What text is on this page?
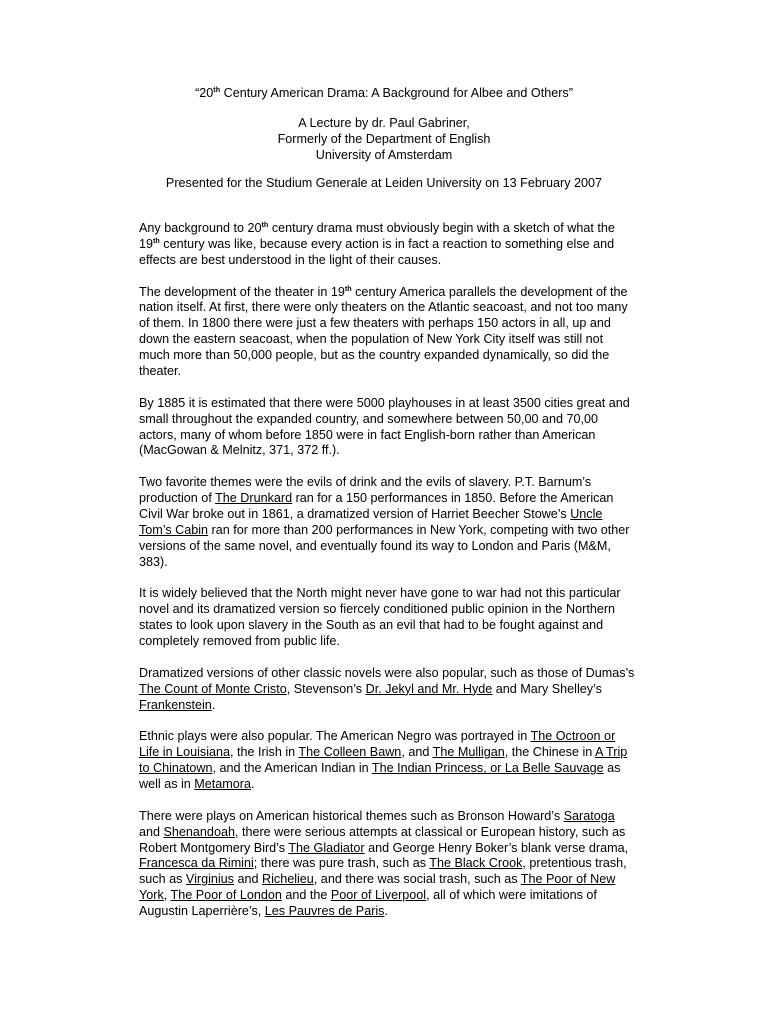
“20th Century American Drama: A Background for Albee and Others”
A Lecture by dr. Paul Gabriner,
Formerly of the Department of English
University of Amsterdam
Presented for the Studium Generale at Leiden University on 13 February 2007

Any background to 20th century drama must obviously begin with a sketch of what the 19th century was like, because every action is in fact a reaction to something else and effects are best understood in the light of their causes.

The development of the theater in 19th century America parallels the development of the nation itself. At first, there were only theaters on the Atlantic seacoast, and not too many of them. In 1800 there were just a few theaters with perhaps 150 actors in all, up and down the eastern seacoast, when the population of New York City itself was still not much more than 50,000 people, but as the country expanded dynamically, so did the theater.

By 1885 it is estimated that there were 5000 playhouses in at least 3500 cities great and small throughout the expanded country, and somewhere between 50,00 and 70,00 actors, many of whom before 1850 were in fact English-born rather than American (MacGowan & Melnitz, 371, 372 ff.).

Two favorite themes were the evils of drink and the evils of slavery. P.T. Barnum’s production of The Drunkard ran for a 150 performances in 1850. Before the American Civil War broke out in 1861, a dramatized version of Harriet Beecher Stowe’s Uncle Tom’s Cabin ran for more than 200 performances in New York, competing with two other versions of the same novel, and eventually found its way to London and Paris (M&M, 383).

It is widely believed that the North might never have gone to war had not this particular novel and its dramatized version so fiercely conditioned public opinion in the Northern states to look upon slavery in the South as an evil that had to be fought against and completely removed from public life.

Dramatized versions of other classic novels were also popular, such as those of Dumas’s The Count of Monte Cristo, Stevenson’s Dr. Jekyl and Mr. Hyde and Mary Shelley’s Frankenstein.

Ethnic plays were also popular. The American Negro was portrayed in The Octroon or Life in Louisiana, the Irish in The Colleen Bawn, and The Mulligan, the Chinese in A Trip to Chinatown, and the American Indian in The Indian Princess, or La Belle Sauvage as well as in Metamora.

There were plays on American historical themes such as Bronson Howard’s Saratoga and Shenandoah, there were serious attempts at classical or European history, such as Robert Montgomery Bird’s The Gladiator and George Henry Boker’s blank verse drama, Francesca da Rimini; there was pure trash, such as The Black Crook, pretentious trash, such as Virginius and Richelieu, and there was social trash, such as The Poor of New York, The Poor of London and the Poor of Liverpool, all of which were imitations of Augustin Laperrière’s, Les Pauvres de Paris.
